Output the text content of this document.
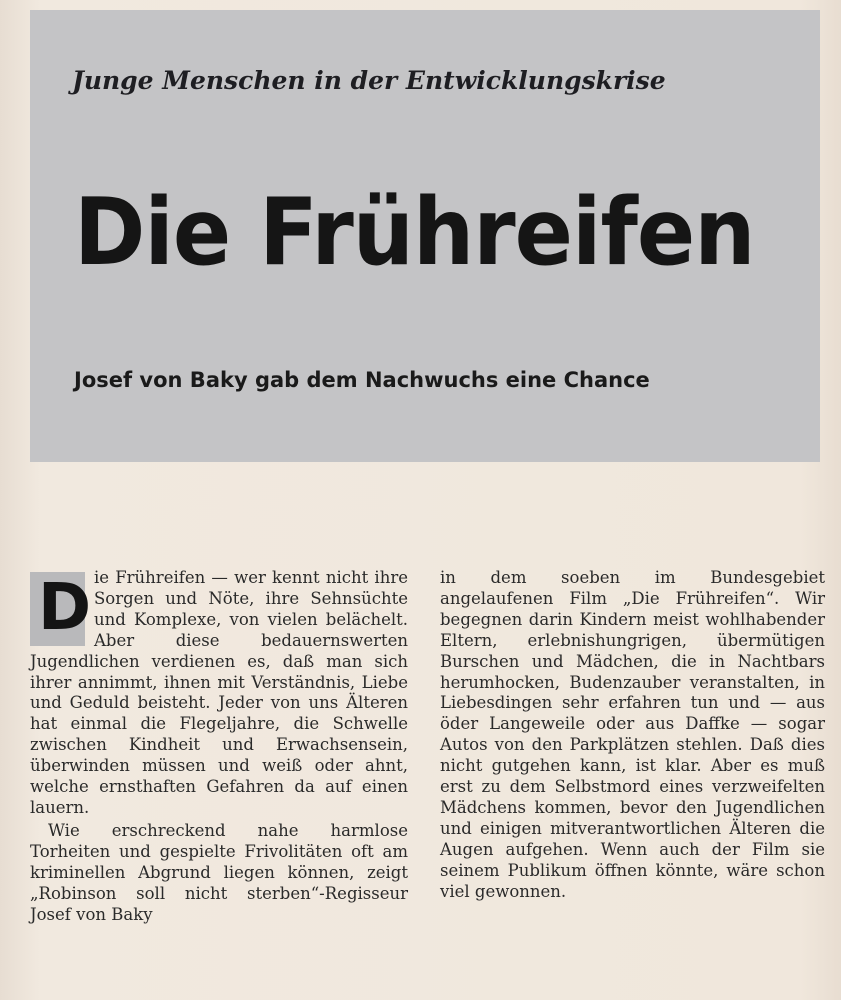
Junge Menschen in der Entwicklungskrise
Die Frühreifen
Josef von Baky gab dem Nachwuchs eine Chance

D ie Frühreifen — wer kennt nicht ihre Sorgen und Nöte, ihre Sehnsüchte und Komplexe, von vielen belächelt. Aber diese bedauernswerten Jugendlichen verdienen es, daß man sich ihrer annimmt, ihnen mit Verständnis, Liebe und Geduld beisteht. Jeder von uns Älteren hat einmal die Flegeljahre, die Schwelle zwischen Kindheit und Erwachsensein, überwinden müssen und weiß oder ahnt, welche ernsthaften Gefahren da auf einen lauern.

Wie erschreckend nahe harmlose Torheiten und gespielte Frivolitäten oft am kriminellen Abgrund liegen können, zeigt „Robinson soll nicht sterben“-Regisseur Josef von Baky

in dem soeben im Bundesgebiet angelaufenen Film „Die Frühreifen“. Wir begegnen darin Kindern meist wohlhabender Eltern, erlebnishungrigen, übermütigen Burschen und Mädchen, die in Nachtbars herumhocken, Budenzauber veranstalten, in Liebesdingen sehr erfahren tun und — aus öder Langeweile oder aus Daffke — sogar Autos von den Parkplätzen stehlen. Daß dies nicht gutgehen kann, ist klar. Aber es muß erst zu dem Selbstmord eines verzweifelten Mädchens kommen, bevor den Jugendlichen und einigen mitverantwortlichen Älteren die Augen aufgehen. Wenn auch der Film sie seinem Publikum öffnen könnte, wäre schon viel gewonnen.
